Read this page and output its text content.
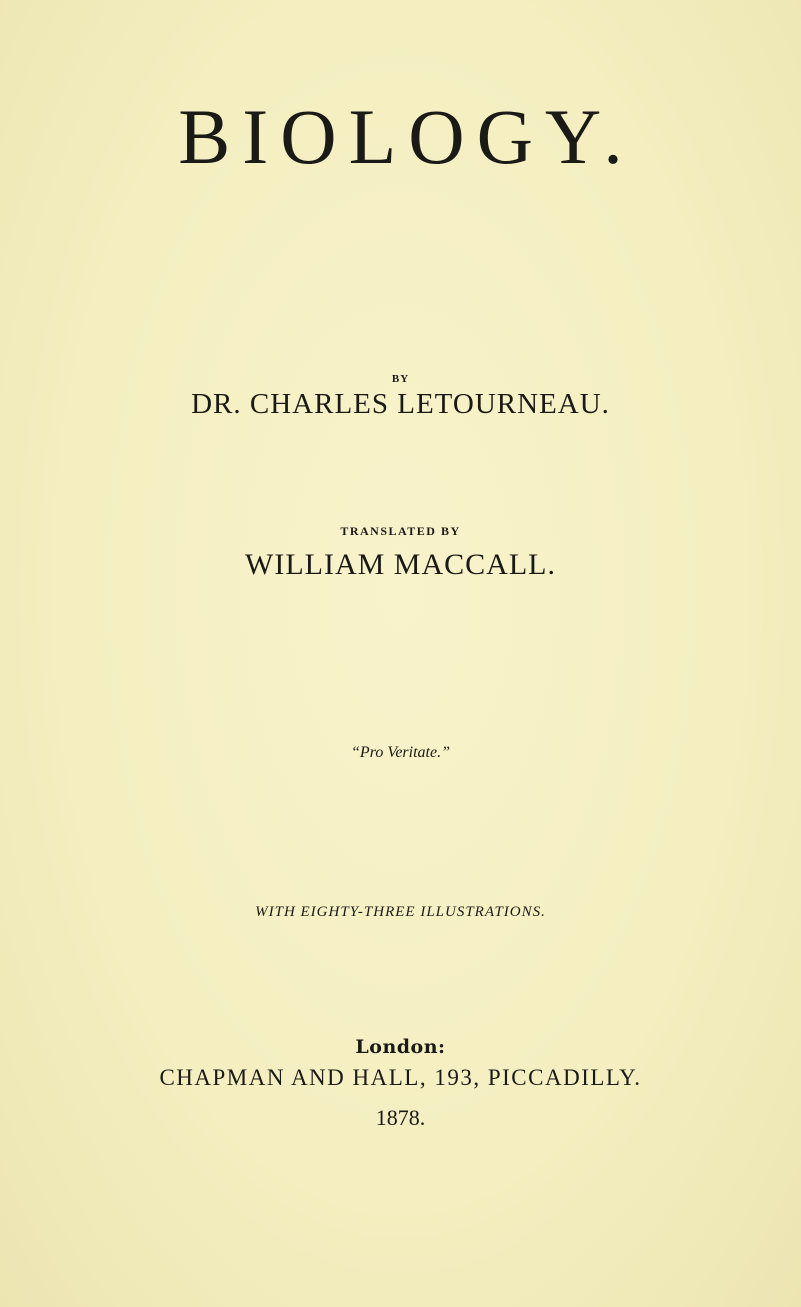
BIOLOGY.
BY
DR. CHARLES LETOURNEAU.
TRANSLATED BY
WILLIAM MACCALL.
“Pro Veritate.”
WITH EIGHTY-THREE ILLUSTRATIONS.
London:
CHAPMAN AND HALL, 193, PICCADILLY.
1878.
